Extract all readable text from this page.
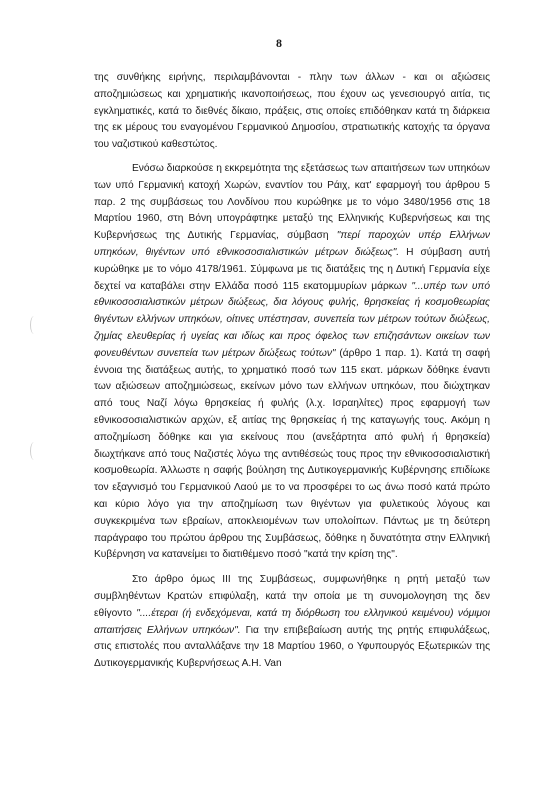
8

της συνθήκης ειρήνης, περιλαμβάνονται - πλην των άλλων - και οι αξιώσεις αποζημιώσεως και χρηματικής ικανοποιήσεως, που έχουν ως γενεσιουργό αιτία, τις εγκληματικές, κατά το διεθνές δίκαιο, πράξεις, στις οποίες επιδόθηκαν κατά τη διάρκεια της εκ μέρους του εναγομένου Γερμανικού Δημοσίου, στρατιωτικής κατοχής τα όργανα του ναζιστικού καθεστώτος.

Ενόσω διαρκούσε η εκκρεμότητα της εξετάσεως των απαιτήσεων των υπηκόων των υπό Γερμανική κατοχή Χωρών, εναντίον του Ράιχ, κατ' εφαρμογή του άρθρου 5 παρ. 2 της συμβάσεως του Λονδίνου που κυρώθηκε με το νόμο 3480/1956 στις 18 Μαρτίου 1960, στη Βόνη υπογράφτηκε μεταξύ της Ελληνικής Κυβερνήσεως και της Κυβερνήσεως της Δυτικής Γερμανίας, σύμβαση "περί παροχών υπέρ Ελλήνων υπηκόων, θιγέντων υπό εθνικοσοσιαλιστικών μέτρων διώξεως". Η σύμβαση αυτή κυρώθηκε με το νόμο 4178/1961. Σύμφωνα με τις διατάξεις της η Δυτική Γερμανία είχε δεχτεί να καταβάλει στην Ελλάδα ποσό 115 εκατομμυρίων μάρκων "...υπέρ των υπό εθνικοσοσιαλιστικών μέτρων διώξεως, δια λόγους φυλής, θρησκείας ή κοσμοθεωρίας θιγέντων ελλήνων υπηκόων, οίτινες υπέστησαν, συνεπεία των μέτρων τούτων διώξεως, ζημίας ελευθερίας ή υγείας και ιδίως και προς όφελος των επιζησάντων οικείων των φονευθέντων συνεπεία των μέτρων διώξεως τούτων" (άρθρο 1 παρ. 1). Κατά τη σαφή έννοια της διατάξεως αυτής, το χρηματικό ποσό των 115 εκατ. μάρκων δόθηκε έναντι των αξιώσεων αποζημιώσεως, εκείνων μόνο των ελλήνων υπηκόων, που διώχτηκαν από τους Ναζί λόγω θρησκείας ή φυλής (λ.χ. Ισραηλίτες) προς εφαρμογή των εθνικοσοσιαλιστικών αρχών, εξ αιτίας της θρησκείας ή της καταγωγής τους. Ακόμη η αποζημίωση δόθηκε και για εκείνους που (ανεξάρτητα από φυλή ή θρησκεία) διωχτήκανε από τους Ναζιστές λόγω της αντιθέσεώς τους προς την εθνικοσοσιαλιστική κοσμοθεωρία. Άλλωστε η σαφής βούληση της Δυτικογερμανικής Κυβέρνησης επιδίωκε τον εξαγνισμό του Γερμανικού Λαού με το να προσφέρει το ως άνω ποσό κατά πρώτο και κύριο λόγο για την αποζημίωση των θιγέντων για φυλετικούς λόγους και συγκεκριμένα των εβραίων, αποκλειομένων των υπολοίπων. Πάντως με τη δεύτερη παράγραφο του πρώτου άρθρου της Συμβάσεως, δόθηκε η δυνατότητα στην Ελληνική Κυβέρνηση να κατανείμει το διατιθέμενο ποσό "κατά την κρίση της".

Στο άρθρο όμως ΙΙΙ της Συμβάσεως, συμφωνήθηκε η ρητή μεταξύ των συμβληθέντων Κρατών επιφύλαξη, κατά την οποία με τη συνομολογηση της δεν εθίγοντο "....έτεραι (ή ενδεχόμεναι, κατά τη διόρθωση του ελληνικού κειμένου) νόμιμοι απαιτήσεις Ελλήνων υπηκόων". Για την επιβεβαίωση αυτής της ρητής επιφυλάξεως, στις επιστολές που ανταλλάξανε την 18 Μαρτίου 1960, ο Υφυπουργός Εξωτερικών της Δυτικογερμανικής Κυβερνήσεως Α.Η. Van
